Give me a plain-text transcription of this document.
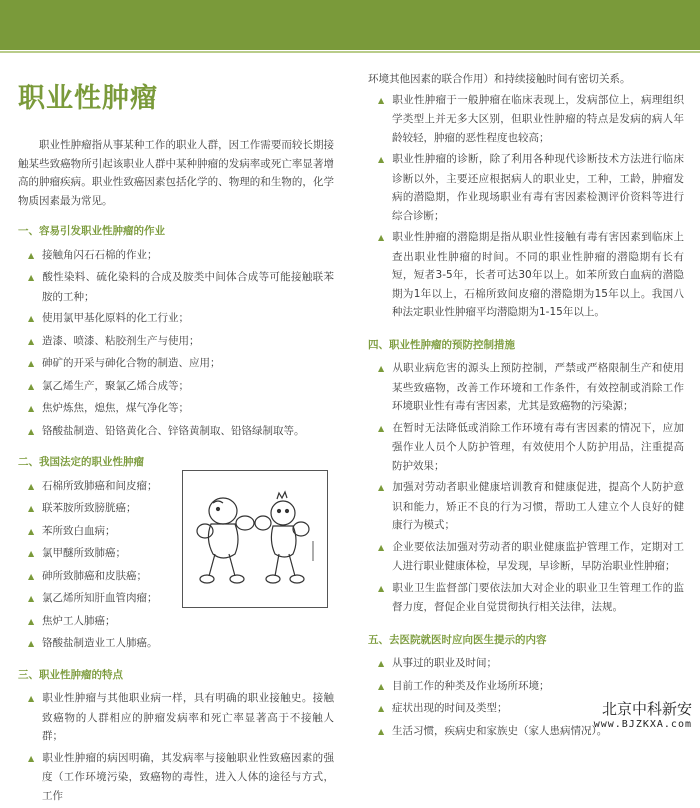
职业性肿瘤

职业性肿瘤指从事某种工作的职业人群，因工作需要而较长期接触某些致癌物所引起该职业人群中某种肿瘤的发病率或死亡率显著增高的肿瘤疾病。职业性致癌因素包括化学的、物理的和生物的，化学物质因素最为常见。

一、容易引发职业性肿瘤的作业

▲ 接触角闪石石棉的作业；

▲ 酸性染料、硫化染料的合成及胺类中间体合成等可能接触联苯胺的工种；

▲ 使用氯甲基化原料的化工行业；

▲ 造漆、喷漆、粘胶剂生产与使用；

▲ 砷矿的开采与砷化合物的制造、应用；

▲ 氯乙烯生产，聚氯乙烯合成等；

▲ 焦炉炼焦，熄焦，煤气净化等；

▲ 铬酸盐制造、铅铬黄化合、锌铬黄制取、铅铬绿制取等。

二、我国法定的职业性肿瘤

▲ 石棉所致肺癌和间皮瘤；

▲ 联苯胺所致膀胱癌；

▲ 苯所致白血病；

▲ 氯甲醚所致肺癌；

▲ 砷所致肺癌和皮肤癌；

▲ 氯乙烯所知肝血管肉瘤；

▲ 焦炉工人肺癌；

▲ 铬酸盐制造业工人肺癌。

三、职业性肿瘤的特点

▲ 职业性肿瘤与其他职业病一样，具有明确的职业接触史。接触致癌物的人群相应的肿瘤发病率和死亡率显著高于不接触人群；

▲ 职业性肿瘤的病因明确，其发病率与接触职业性致癌因素的强度（工作环境污染，致癌物的毒性，进入人体的途径与方式，工作

环境其他因素的联合作用）和持续接触时间有密切关系。

▲ 职业性肿瘤于一般肿瘤在临床表现上，发病部位上，病理组织学类型上并无多大区别，但职业性肿瘤的特点是发病的病人年龄较轻，肿瘤的恶性程度也较高；

▲ 职业性肿瘤的诊断，除了利用各种现代诊断技术方法进行临床诊断以外，主要还应根据病人的职业史，工种，工龄，肿瘤发病的潜隐期，作业现场职业有毒有害因素检测评价资料等进行综合诊断；

▲ 职业性肿瘤的潜隐期是指从职业性接触有毒有害因素到临床上查出职业性肿瘤的时间。不同的职业性肿瘤的潜隐期有长有短，短者3-5年，长者可达30年以上。如苯所致白血病的潜隐期为1年以上，石棉所致间皮瘤的潜隐期为15年以上。我国八种法定职业性肿瘤平均潜隐期为1-15年以上。

四、职业性肿瘤的预防控制措施

▲ 从职业病危害的源头上预防控制，严禁或严格限制生产和使用某些致癌物，改善工作环境和工作条件，有效控制或消除工作环境职业性有毒有害因素，尤其是致癌物的污染源；

▲ 在暂时无法降低或消除工作环境有毒有害因素的情况下，应加强作业人员个人防护管理，有效使用个人防护用品，注重提高防护效果；

▲ 加强对劳动者职业健康培训教育和健康促进，提高个人防护意识和能力，矫正不良的行为习惯，帮助工人建立个人良好的健康行为模式；

▲ 企业要依法加强对劳动者的职业健康监护管理工作，定期对工人进行职业健康体检，早发现，早诊断，早防治职业性肿瘤；

▲ 职业卫生监督部门要依法加大对企业的职业卫生管理工作的监督力度，督促企业自觉贯彻执行相关法律，法规。

五、去医院就医时应向医生提示的内容

▲ 从事过的职业及时间；

▲ 目前工作的种类及作业场所环境；

▲ 症状出现的时间及类型；

▲ 生活习惯，疾病史和家族史（家人患病情况）。

北京中科新安
www.BJZKXA.com
